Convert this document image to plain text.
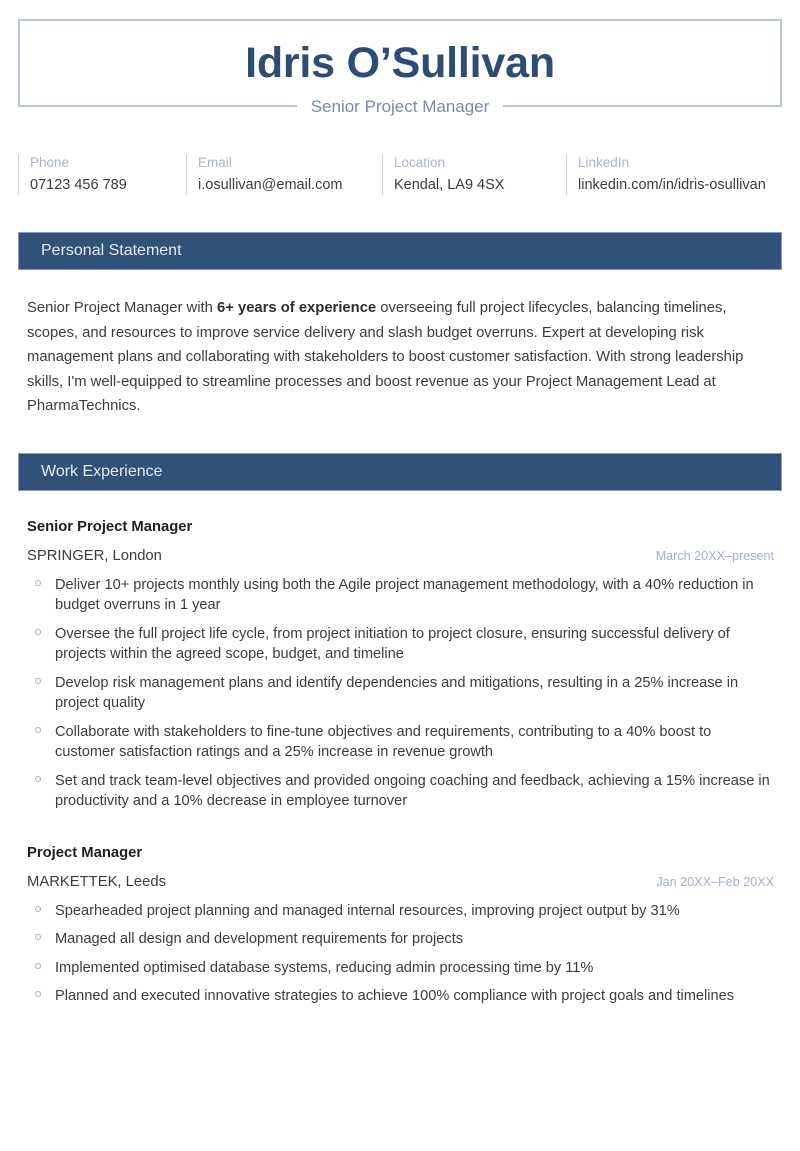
Idris O’Sullivan
Senior Project Manager
Phone
07123 456 789
Email
i.osullivan@email.com
Location
Kendal, LA9 4SX
LinkedIn
linkedin.com/in/idris-osullivan
Personal Statement

Senior Project Manager with 6+ years of experience overseeing full project lifecycles, balancing timelines, scopes, and resources to improve service delivery and slash budget overruns. Expert at developing risk management plans and collaborating with stakeholders to boost customer satisfaction. With strong leadership skills, I'm well-equipped to streamline processes and boost revenue as your Project Management Lead at PharmaTechnics.

Work Experience
Senior Project Manager
SPRINGER, London	March 20XX–present
Deliver 10+ projects monthly using both the Agile project management methodology, with a 40% reduction in budget overruns in 1 year
Oversee the full project life cycle, from project initiation to project closure, ensuring successful delivery of projects within the agreed scope, budget, and timeline
Develop risk management plans and identify dependencies and mitigations, resulting in a 25% increase in project quality
Collaborate with stakeholders to fine-tune objectives and requirements, contributing to a 40% boost to customer satisfaction ratings and a 25% increase in revenue growth
Set and track team-level objectives and provided ongoing coaching and feedback, achieving a 15% increase in productivity and a 10% decrease in employee turnover
Project Manager
MARKETTEK, Leeds	Jan 20XX–Feb 20XX
Spearheaded project planning and managed internal resources, improving project output by 31%
Managed all design and development requirements for projects
Implemented optimised database systems, reducing admin processing time by 11%
Planned and executed innovative strategies to achieve 100% compliance with project goals and timelines
